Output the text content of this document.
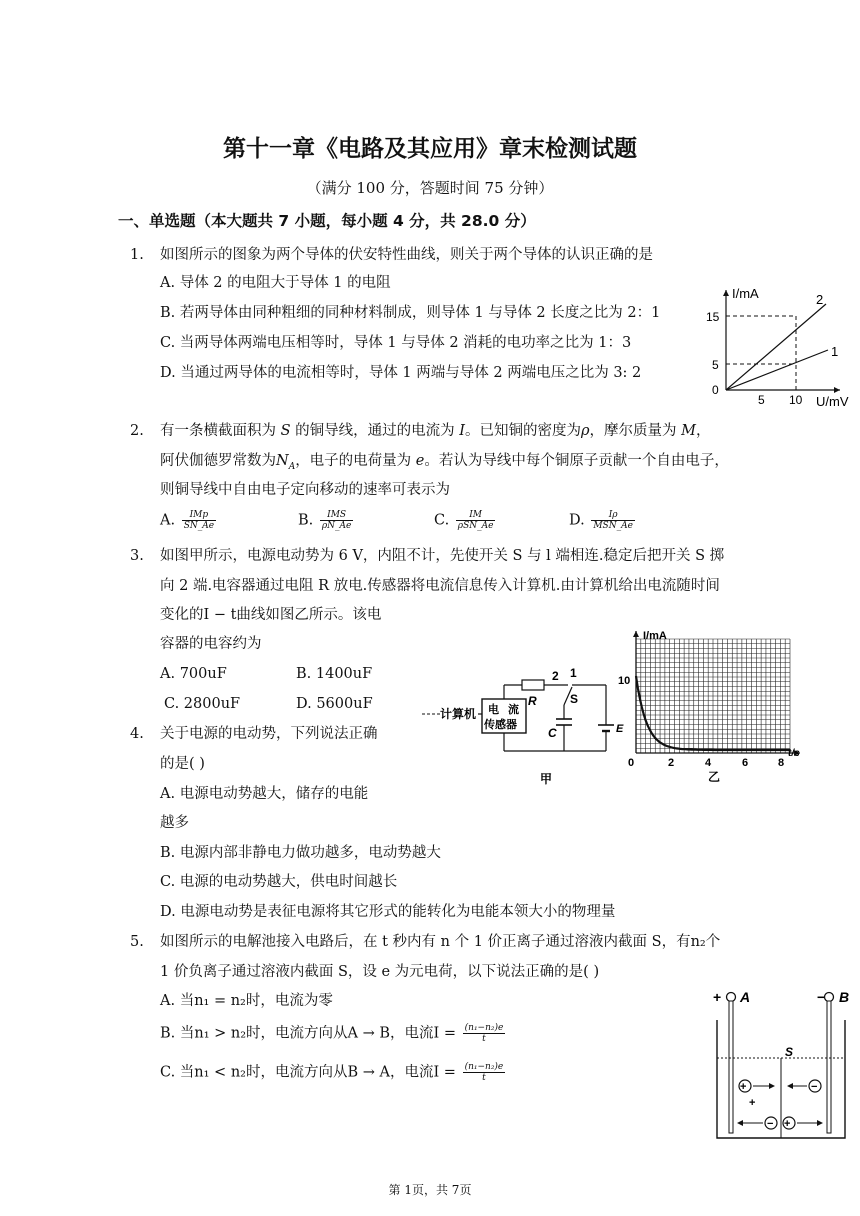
第十一章《电路及其应用》章末检测试题
（满分 100 分，答题时间 75 分钟）
一、单选题（本大题共 7 小题，每小题 4 分，共 28.0 分）
1. 如图所示的图象为两个导体的伏安特性曲线，则关于两个导体的认识正确的是
A. 导体 2 的电阻大于导体 1 的电阻
B. 若两导体由同种粗细的同种材料制成，则导体 1 与导体 2 长度之比为 2：1
C. 当两导体两端电压相等时，导体 1 与导体 2 消耗的电功率之比为 1：3
D. 当通过两导体的电流相等时，导体 1 两端与导体 2 两端电压之比为 3: 2
I/mA
U/mV
15
5
0
5 10
2
1
2. 有一条横截面积为 S 的铜导线，通过的电流为 I。已知铜的密度为ρ，摩尔质量为 M，
阿伏伽德罗常数为$N_A$，电子的电荷量为 e。若认为导线中每个铜原子贡献一个自由电子，
则铜导线中自由电子定向移动的速率可表示为
A. $\frac{\text{IMp}}{SN\_Ae}$	B. $\frac{\text{IMS}}{\rho N\_Ae}$	C. $\frac{IM}{\text{ρSN\_Ae}}$	D. $\frac{I\rho}{\text{MSN\_Ae}}$
3. 如图甲所示，电源电动势为 6 V，内阻不计，先使开关 S 与 l 端相连.稳定后把开关 S 掷
向 2 端.电容器通过电阻 R 放电.传感器将电流信息传入计算机.由计算机给出电流随时间
变化的I − t曲线如图乙所示。该电
容器的电容约为
A. 700uF	B. 1400uF
C. 2800uF	D. 5600uF
计算机 电 流
传感器
2
R
1
S
C	E
甲
I/mA
10
0	2	4	6	8
t/s
乙
4. 关于电源的电动势，下列说法正确
的是( )
A. 电源电动势越大，储存的电能
越多
B. 电源内部非静电力做功越多，电动势越大
C. 电源的电动势越大，供电时间越长
D. 电源电动势是表征电源将其它形式的能转化为电能本领大小的物理量
5. 如图所示的电解池接入电路后，在 t 秒内有 n 个 1 价正离子通过溶液内截面 S，有n₂个
1 价负离子通过溶液内截面 S，设 e 为元电荷，以下说法正确的是( )
A. 当n₁ = n₂时，电流为零
B. 当n₁ > n₂时，电流方向从A → B，电流$I = \frac{\text{(n₁−n₂)e}}{t}$
C. 当n₁ < n₂时，电流方向从B → A，电流$I = \frac{\text{(n₁−n₂)e}}{t}$
+ A	− B
S
+	−
+
− +
第 1页，共 7页
